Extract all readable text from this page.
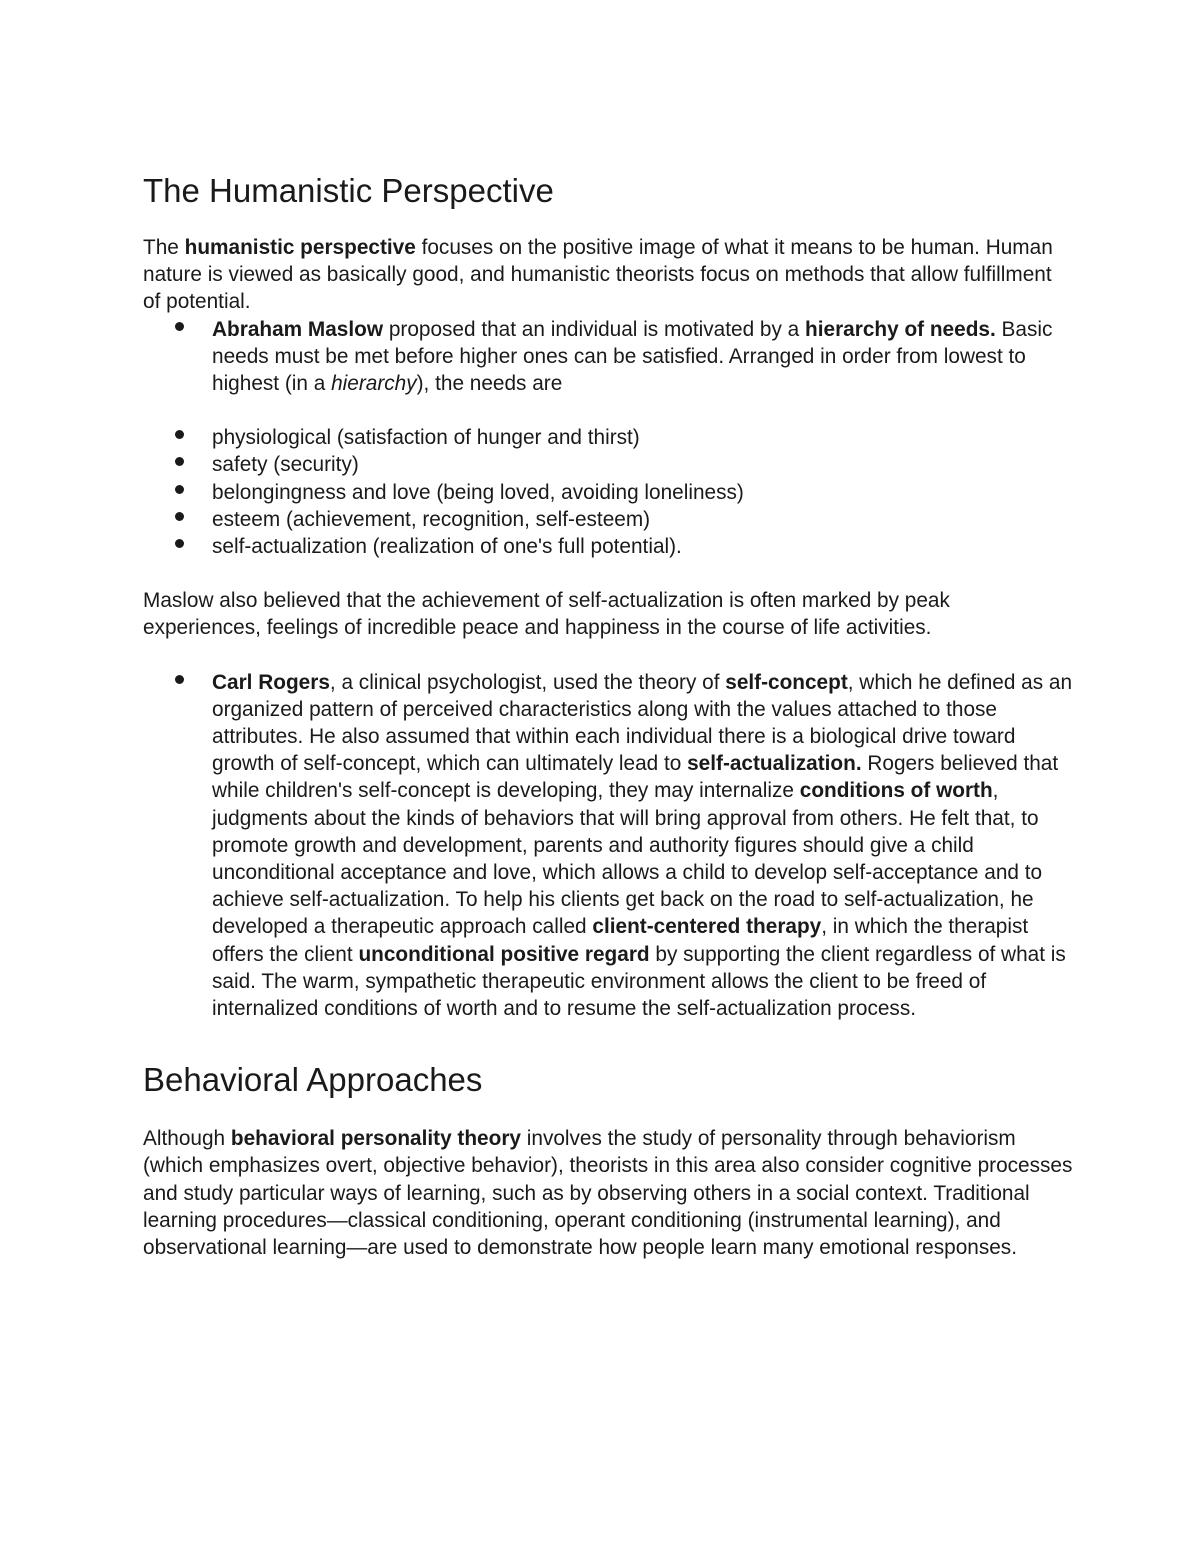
The Humanistic Perspective

The humanistic perspective focuses on the positive image of what it means to be human. Human nature is viewed as basically good, and humanistic theorists focus on methods that allow fulfillment of potential.

Abraham Maslow proposed that an individual is motivated by a hierarchy of needs. Basic needs must be met before higher ones can be satisfied. Arranged in order from lowest to highest (in a hierarchy), the needs are
physiological (satisfaction of hunger and thirst)
safety (security)
belongingness and love (being loved, avoiding loneliness)
esteem (achievement, recognition, self-esteem)
self-actualization (realization of one's full potential).

Maslow also believed that the achievement of self-actualization is often marked by peak experiences, feelings of incredible peace and happiness in the course of life activities.

Carl Rogers, a clinical psychologist, used the theory of self-concept, which he defined as an organized pattern of perceived characteristics along with the values attached to those attributes. He also assumed that within each individual there is a biological drive toward growth of self-concept, which can ultimately lead to self-actualization. Rogers believed that while children's self-concept is developing, they may internalize conditions of worth, judgments about the kinds of behaviors that will bring approval from others. He felt that, to promote growth and development, parents and authority figures should give a child unconditional acceptance and love, which allows a child to develop self-acceptance and to achieve self-actualization. To help his clients get back on the road to self-actualization, he developed a therapeutic approach called client-centered therapy, in which the therapist offers the client unconditional positive regard by supporting the client regardless of what is said. The warm, sympathetic therapeutic environment allows the client to be freed of internalized conditions of worth and to resume the self-actualization process.
Behavioral Approaches

Although behavioral personality theory involves the study of personality through behaviorism (which emphasizes overt, objective behavior), theorists in this area also consider cognitive processes and study particular ways of learning, such as by observing others in a social context. Traditional learning procedures—classical conditioning, operant conditioning (instrumental learning), and observational learning—are used to demonstrate how people learn many emotional responses.
